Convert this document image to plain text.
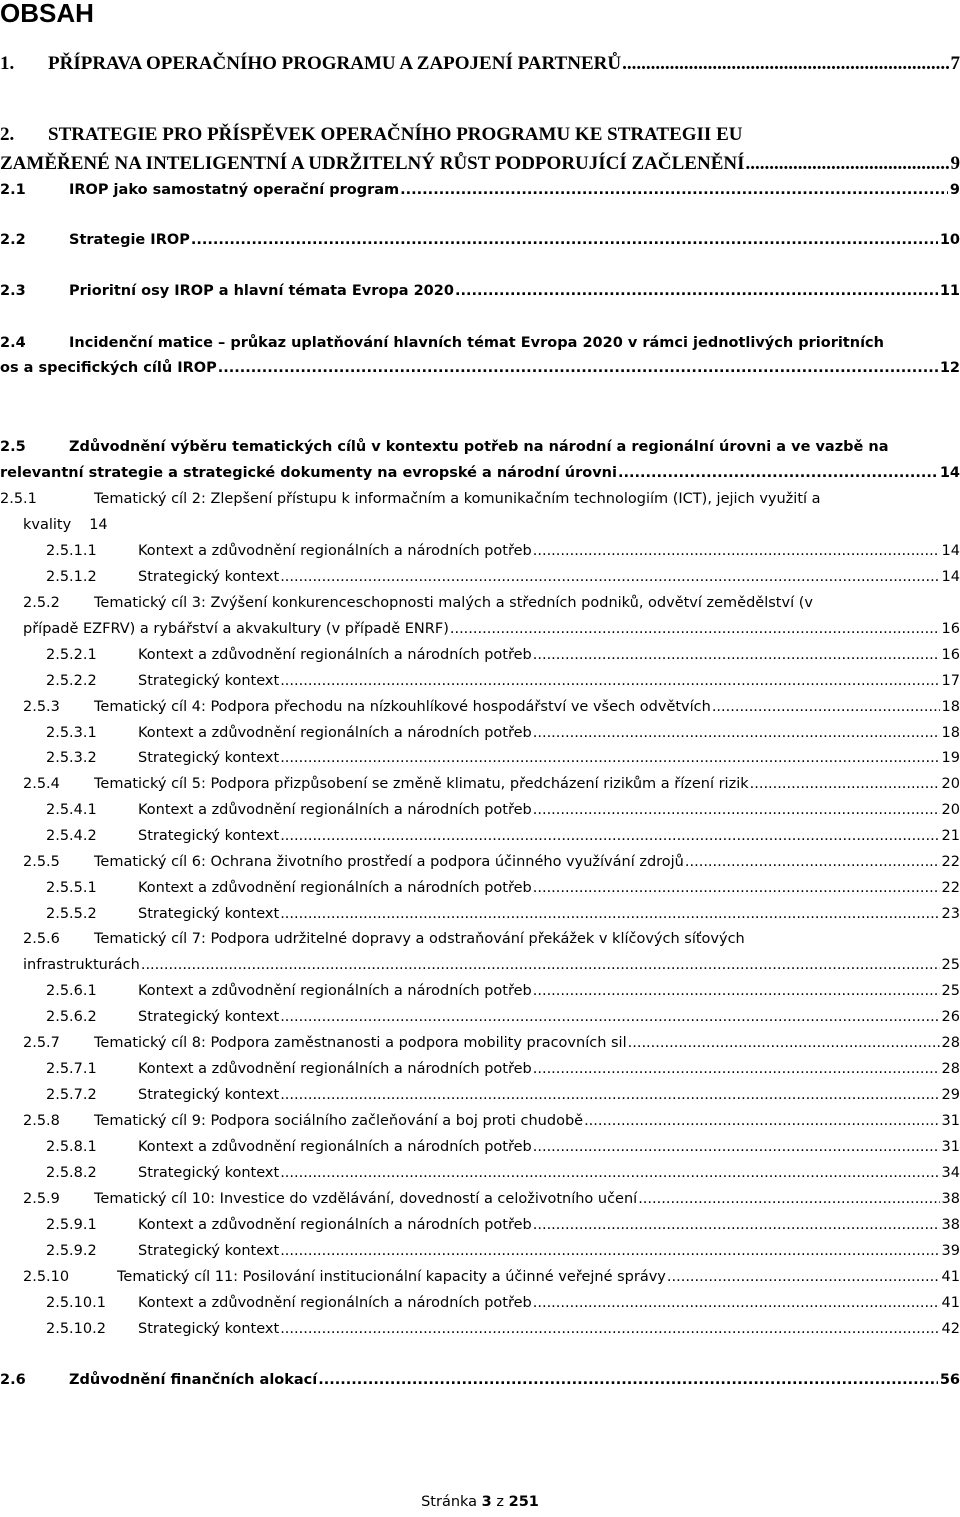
OBSAH
1.	PŘÍPRAVA OPERAČNÍHO PROGRAMU A ZAPOJENÍ PARTNERŮ .....	7
2.	STRATEGIE PRO PŘÍSPĚVEK OPERAČNÍHO PROGRAMU KE STRATEGII EU
ZAMĚŘENÉ NA INTELIGENTNÍ A UDRŽITELNÝ RŮST PODPORUJÍCÍ ZAČLENĚNÍ .....	9
2.1	IROP jako samostatný operační program .....	9
2.2	Strategie IROP .....	10
2.3	Prioritní osy IROP a hlavní témata Evropa 2020 .....	11
2.4	Incidenční matice – průkaz uplatňování hlavních témat Evropa 2020 v rámci jednotlivých prioritních
os a specifických cílů IROP .....	12
2.5	Zdůvodnění výběru tematických cílů v kontextu potřeb na národní a regionální úrovni a ve vazbě na
relevantní strategie a strategické dokumenty na evropské a národní úrovni .....	14
2.5.1	Tematický cíl 2: Zlepšení přístupu k informačním a komunikačním technologiím (ICT), jejich využití a
kvality	14
2.5.1.1	Kontext a zdůvodnění regionálních a národních potřeb .....	14
2.5.1.2	Strategický kontext .....	14
2.5.2	Tematický cíl 3: Zvýšení konkurenceschopnosti malých a středních podniků, odvětví zemědělství (v
případě EZFRV) a rybářství a akvakultury (v případě ENRF) .....	16
2.5.2.1	Kontext a zdůvodnění regionálních a národních potřeb .....	16
2.5.2.2	Strategický kontext .....	17
2.5.3	Tematický cíl 4: Podpora přechodu na nízkouhlíkové hospodářství ve všech odvětvích .....	18
2.5.3.1	Kontext a zdůvodnění regionálních a národních potřeb .....	18
2.5.3.2	Strategický kontext .....	19
2.5.4	Tematický cíl 5: Podpora přizpůsobení se změně klimatu, předcházení rizikům a řízení rizik .....	20
2.5.4.1	Kontext a zdůvodnění regionálních a národních potřeb .....	20
2.5.4.2	Strategický kontext .....	21
2.5.5	Tematický cíl 6: Ochrana životního prostředí a podpora účinného využívání zdrojů .....	22
2.5.5.1	Kontext a zdůvodnění regionálních a národních potřeb .....	22
2.5.5.2	Strategický kontext .....	23
2.5.6	Tematický cíl 7: Podpora udržitelné dopravy a odstraňování překážek v klíčových síťových
infrastrukturách .....	25
2.5.6.1	Kontext a zdůvodnění regionálních a národních potřeb .....	25
2.5.6.2	Strategický kontext .....	26
2.5.7	Tematický cíl 8: Podpora zaměstnanosti a podpora mobility pracovních sil .....	28
2.5.7.1	Kontext a zdůvodnění regionálních a národních potřeb .....	28
2.5.7.2	Strategický kontext .....	29
2.5.8	Tematický cíl 9: Podpora sociálního začleňování a boj proti chudobě .....	31
2.5.8.1	Kontext a zdůvodnění regionálních a národních potřeb .....	31
2.5.8.2	Strategický kontext .....	34
2.5.9	Tematický cíl 10: Investice do vzdělávání, dovedností a celoživotního učení .....	38
2.5.9.1	Kontext a zdůvodnění regionálních a národních potřeb .....	38
2.5.9.2	Strategický kontext .....	39
2.5.10	Tematický cíl 11: Posilování institucionální kapacity a účinné veřejné správy .....	41
2.5.10.1	Kontext a zdůvodnění regionálních a národních potřeb .....	41
2.5.10.2	Strategický kontext .....	42
2.6	Zdůvodnění finančních alokací .....	56
Stránka 3 z 251
